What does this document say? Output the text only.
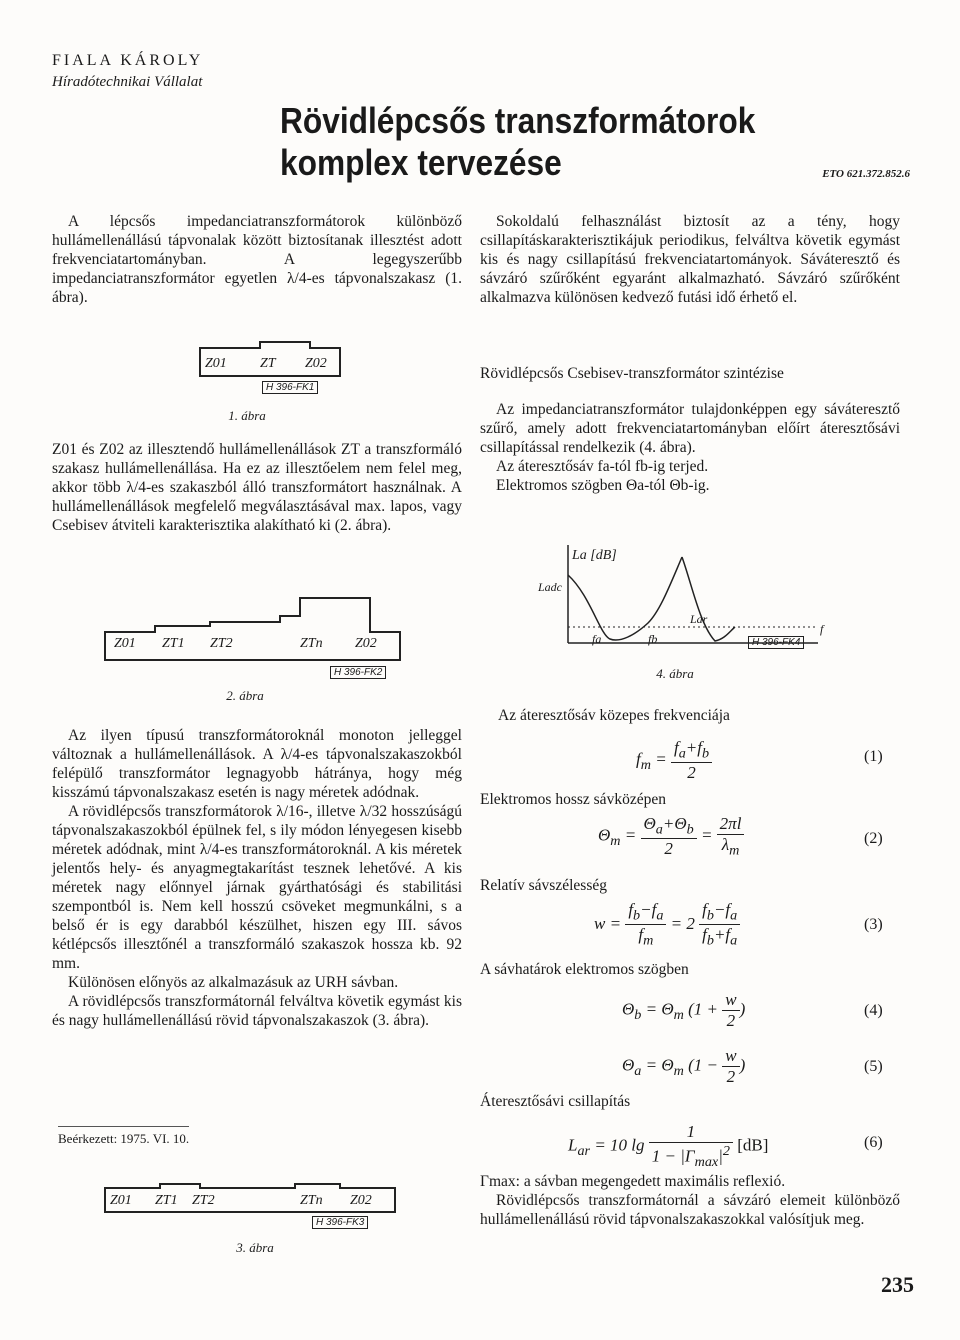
FIALA KÁROLY
Híradótechnikai Vállalat
Rövidlépcsős transzformátorok komplex tervezése	ETO 621.372.852.6

A lépcsős impedanciatranszformátorok különböző hullámellenállású tápvonalak között biztosítanak illesztést adott frekvenciatartományban. A legegyszerűbb impedanciatranszformátor egyetlen λ/4-es tápvonalszakasz (1. ábra).

Z01 ZT Z02
H 396-FK1
1. ábra

Z01 és Z02 az illesztendő hullámellenállások ZT a transzformáló szakasz hullámellenállása. Ha ez az illesztőelem nem felel meg, akkor több λ/4-es szakaszból álló transzformátort használnak. A hullámellenállások megfelelő megválasztásával max. lapos, vagy Csebisev átviteli karakterisztika alakítható ki (2. ábra).

Z01 ZT1 ZT2	ZTn Z02
H 396-FK2
2. ábra

Az ilyen típusú transzformátoroknál monoton jelleggel változnak a hullámellenállások. A λ/4-es tápvonalszakaszokból felépülő transzformátor legnagyobb hátránya, hogy még kisszámú tápvonalszakasz esetén is nagy méretek adódnak.

A rövidlépcsős transzformátorok λ/16-, illetve λ/32 hosszúságú tápvonalszakaszokból épülnek fel, s ily módon lényegesen kisebb méretek adódnak, mint λ/4-es transzformátoroknál. A kis méretek jelentős hely- és anyagmegtakarítást tesznek lehetővé. A kis méretek nagy előnnyel járnak gyárthatósági és stabilitási szempontból is. Nem kell hosszú csöveket megmunkálni, s a belső ér is egy darabból készülhet, hiszen egy III. sávos kétlépcsős illesztőnél a transzformáló szakaszok hossza kb. 92 mm.

Különösen előnyös az alkalmazásuk az URH sávban.

A rövidlépcsős transzformátornál felváltva követik egymást kis és nagy hullámellenállású rövid tápvonalszakaszok (3. ábra).

Beérkezett: 1975. VI. 10.
Z01 ZT1 ZT2	ZTn Z02
H 396-FK3
3. ábra

Sokoldalú felhasználást biztosít az a tény, hogy csillapításkarakterisztikájuk periodikus, felváltva követik egymást kis és nagy csillapítású frekvenciatartományok. Sáváteresztő és sávzáró szűrőként egyaránt alkalmazható. Sávzáró szűrőként alkalmazva különösen kedvező futási idő érhető el.

Rövidlépcsős Csebisev-transzformátor szintézise

Az impedanciatranszformátor tulajdonképpen egy sáváteresztő szűrő, amely adott frekvenciatartományban előírt áteresztősávi csillapítással rendelkezik (4. ábra).

Az áteresztősáv fa-tól fb-ig terjed.

Elektromos szögben Θa-tól Θb-ig.

La [dB]
Ladc
Lar
fa	fb
f
H 396-FK4
4. ábra

Az áteresztősáv közepes frekvenciája

$f_m = \frac{f_a+f_b}{2}$	(1)

Elektromos hossz sávközépen

$\Theta_m = \frac{\Theta_a+\Theta_b}{2} = \frac{2\pi l}{\lambda_m}$	(2)

Relatív sávszélesség

$w = \frac{f_b-f_a}{f_m} = 2 \frac{f_b-f_a}{f_b+f_a}$	(3)

A sávhatárok elektromos szögben

$\Theta_b = \Theta_m$ ($1 + \frac{w}{2}$ )	(4)
$\Theta_a = \Theta_m$ ($1 - \frac{w}{2}$ )	(5)

Áteresztősávi csillapítás

$L_{ar} = 10$ $\lg \frac{1}{1 - |\Gamma_{max}|^2} [dB]$	(6)

Γmax: a sávban megengedett maximális reflexió.

Rövidlépcsős transzformátornál a sávzáró elemeit különböző hullámellenállású rövid tápvonalszakaszokkal valósítjuk meg.

235
